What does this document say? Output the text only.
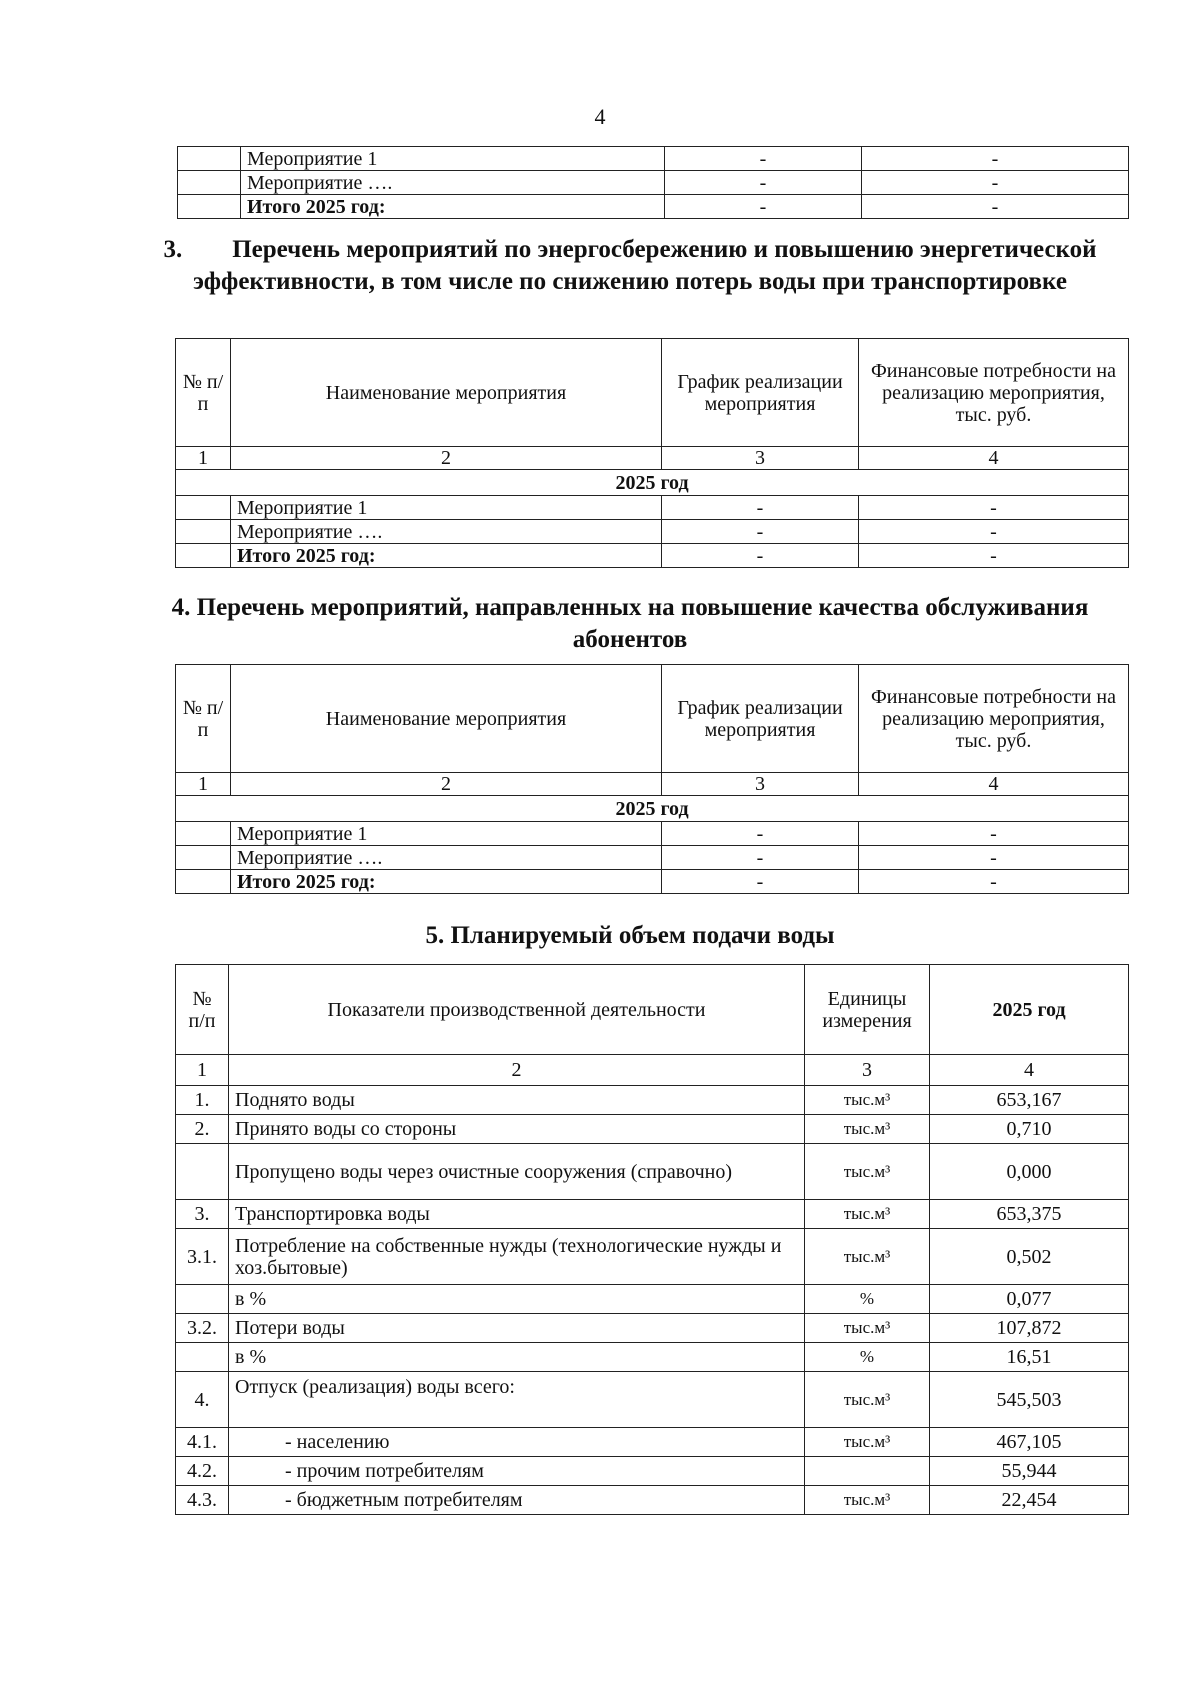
4
	Мероприятие 1	-	-
	Мероприятие ….	-	-
	Итого 2025 год:	-	-
3.  Перечень мероприятий по энергосбережению и повышению энергетической эффективности, в том числе по снижению потерь воды при транспортировке
№ п/п	Наименование мероприятия	График реализации мероприятия	Финансовые потребности на реализацию мероприятия, тыс. руб.
1	2	3	4
2025 год			
	Мероприятие 1	-	-
	Мероприятие ….	-	-
	Итого 2025 год:	-	-
4. Перечень мероприятий, направленных на повышение качества обслуживания абонентов
№ п/п	Наименование мероприятия	График реализации мероприятия	Финансовые потребности на реализацию мероприятия, тыс. руб.
1	2	3	4
2025 год			
	Мероприятие 1	-	-
	Мероприятие ….	-	-
	Итого 2025 год:	-	-
5. Планируемый объем подачи воды
№ п/п	Показатели производственной деятельности	Единицы измерения	2025 год
1	2	3	4
1.	Поднято воды	тыс.м³	653,167
2.	Принято воды со стороны	тыс.м³	0,710
	Пропущено воды через очистные сооружения (справочно)	тыс.м³	0,000
3.	Транспортировка воды	тыс.м³	653,375
3.1.	Потребление на собственные нужды (технологические нужды и хоз.бытовые)	тыс.м³	0,502
	в %	%	0,077
3.2.	Потери воды	тыс.м³	107,872
	в %	%	16,51
4.	Отпуск (реализация) воды всего:	тыс.м³	545,503
4.1.	- населению	тыс.м³	467,105
4.2.	- прочим потребителям		55,944
4.3.	- бюджетным потребителям	тыс.м³	22,454
